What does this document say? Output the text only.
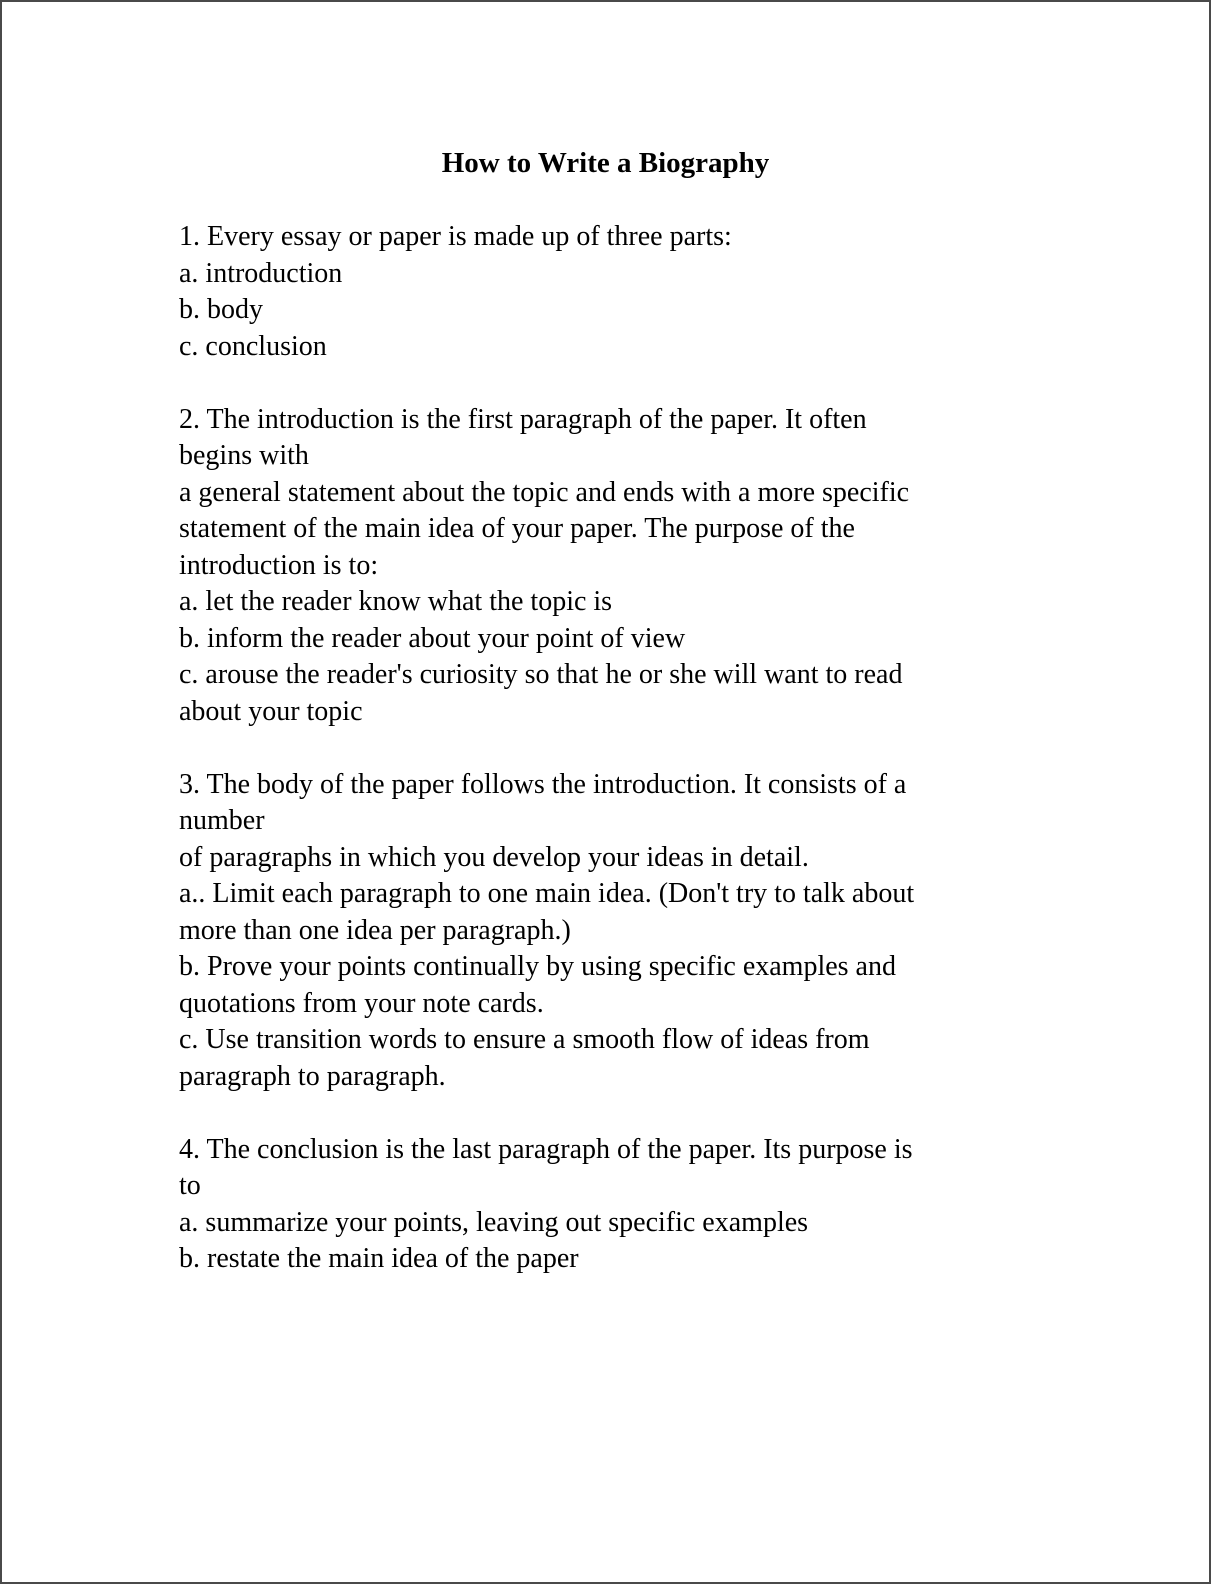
How to Write a Biography
1. Every essay or paper is made up of three parts:
a. introduction
b. body
c. conclusion
2. The introduction is the first paragraph of the paper. It often
begins with
a general statement about the topic and ends with a more specific
statement of the main idea of your paper. The purpose of the
introduction is to:
a. let the reader know what the topic is
b. inform the reader about your point of view
c. arouse the reader's curiosity so that he or she will want to read
about your topic
3. The body of the paper follows the introduction. It consists of a
number
of paragraphs in which you develop your ideas in detail.
a.. Limit each paragraph to one main idea. (Don't try to talk about
more than one idea per paragraph.)
b. Prove your points continually by using specific examples and
quotations from your note cards.
c. Use transition words to ensure a smooth flow of ideas from
paragraph to paragraph.
4. The conclusion is the last paragraph of the paper. Its purpose is
to
a. summarize your points, leaving out specific examples
b. restate the main idea of the paper
